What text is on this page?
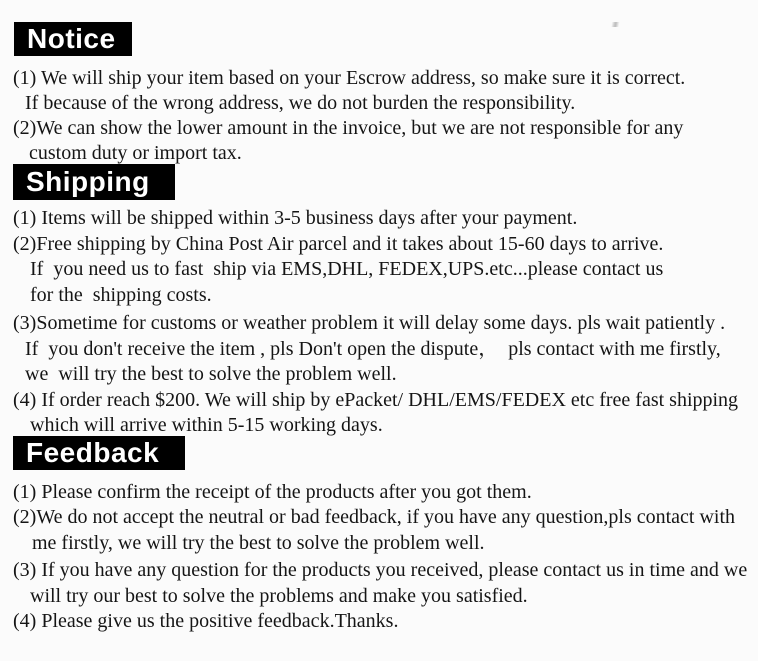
Notice
(1) We will ship your item based on your Escrow address, so make sure it is correct.
If because of the wrong address, we do not burden the responsibility.
(2)We can show the lower amount in the invoice, but we are not responsible for any
custom duty or import tax.
Shipping
(1) Items will be shipped within 3-5 business days after your payment.
(2)Free shipping by China Post Air parcel and it takes about 15-60 days to arrive.
If  you need us to fast  ship via EMS,DHL, FEDEX,UPS.etc...please contact us
for the  shipping costs.
(3)Sometime for customs or weather problem it will delay some days. pls wait patiently .
If  you don't receive the item , pls Don't open the dispute，  pls contact with me firstly,
we  will try the best to solve the problem well.
(4) If order reach $200. We will ship by ePacket/ DHL/EMS/FEDEX etc free fast shipping
which will arrive within 5-15 working days.
Feedback
(1) Please confirm the receipt of the products after you got them.
(2)We do not accept the neutral or bad feedback, if you have any question,pls contact with
me firstly, we will try the best to solve the problem well.
(3) If you have any question for the products you received, please contact us in time and we
will try our best to solve the problems and make you satisfied.
(4) Please give us the positive feedback.Thanks.
